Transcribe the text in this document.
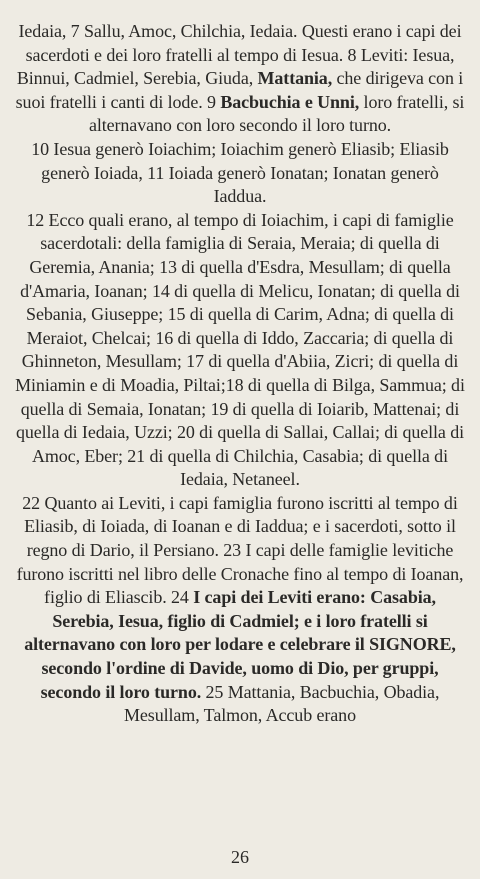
Iedaia, 7 Sallu, Amoc, Chilchia, Iedaia. Questi erano i capi dei sacerdoti e dei loro fratelli al tempo di Iesua. 8 Leviti: Iesua, Binnui, Cadmiel, Serebia, Giuda, Mattania, che dirigeva con i suoi fratelli i canti di lode. 9 Bacbuchia e Unni, loro fratelli, si alternavano con loro secondo il loro turno.

10 Iesua generò Ioiachim; Ioiachim generò Eliasib; Eliasib generò Ioiada, 11 Ioiada generò Ionatan; Ionatan generò Iaddua.

12 Ecco quali erano, al tempo di Ioiachim, i capi di famiglie sacerdotali: della famiglia di Seraia, Meraia; di quella di Geremia, Anania; 13 di quella d'Esdra, Mesullam; di quella d'Amaria, Ioanan; 14 di quella di Melicu, Ionatan; di quella di Sebania, Giuseppe; 15 di quella di Carim, Adna; di quella di Meraiot, Chelcai; 16 di quella di Iddo, Zaccaria; di quella di Ghinneton, Mesullam; 17 di quella d'Abiia, Zicri; di quella di Miniamin e di Moadia, Piltai;18 di quella di Bilga, Sammua; di quella di Semaia, Ionatan; 19 di quella di Ioiarib, Mattenai; di quella di Iedaia, Uzzi; 20 di quella di Sallai, Callai; di quella di Amoc, Eber; 21 di quella di Chilchia, Casabia; di quella di Iedaia, Netaneel.

22 Quanto ai Leviti, i capi famiglia furono iscritti al tempo di Eliasib, di Ioiada, di Ioanan e di Iaddua; e i sacerdoti, sotto il regno di Dario, il Persiano. 23 I capi delle famiglie levitiche furono iscritti nel libro delle Cronache fino al tempo di Ioanan, figlio di Eliascib. 24 I capi dei Leviti erano: Casabia, Serebia, Iesua, figlio di Cadmiel; e i loro fratelli si alternavano con loro per lodare e celebrare il SIGNORE, secondo l'ordine di Davide, uomo di Dio, per gruppi, secondo il loro turno. 25 Mattania, Bacbuchia, Obadia, Mesullam, Talmon, Accub erano

26
